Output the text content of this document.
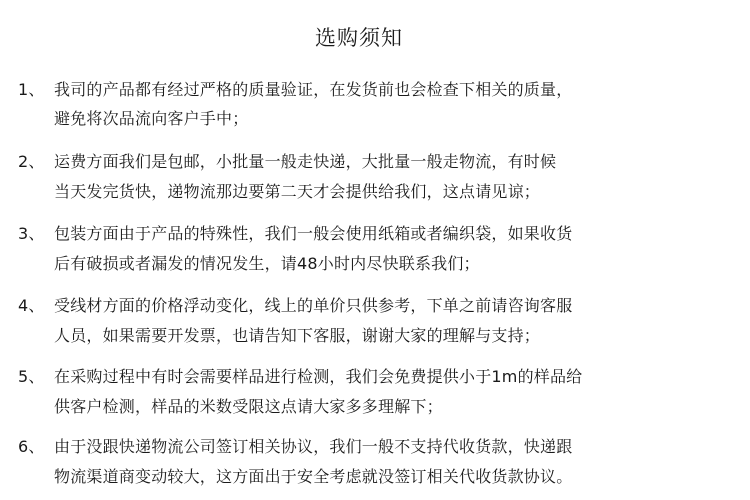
选购须知
1、 我司的产品都有经过严格的质量验证，在发货前也会检查下相关的质量，
避免将次品流向客户手中；
2、 运费方面我们是包邮，小批量一般走快递，大批量一般走物流，有时候
当天发完货快，递物流那边要第二天才会提供给我们，这点请见谅；
3、 包装方面由于产品的特殊性，我们一般会使用纸箱或者编织袋，如果收货
后有破损或者漏发的情况发生，请48小时内尽快联系我们；
4、 受线材方面的价格浮动变化，线上的单价只供参考，下单之前请咨询客服
人员，如果需要开发票，也请告知下客服，谢谢大家的理解与支持；
5、 在采购过程中有时会需要样品进行检测，我们会免费提供小于1m的样品给
供客户检测，样品的米数受限这点请大家多多理解下；
6、 由于没跟快递物流公司签订相关协议，我们一般不支持代收货款，快递跟
物流渠道商变动较大，这方面出于安全考虑就没签订相关代收货款协议。
